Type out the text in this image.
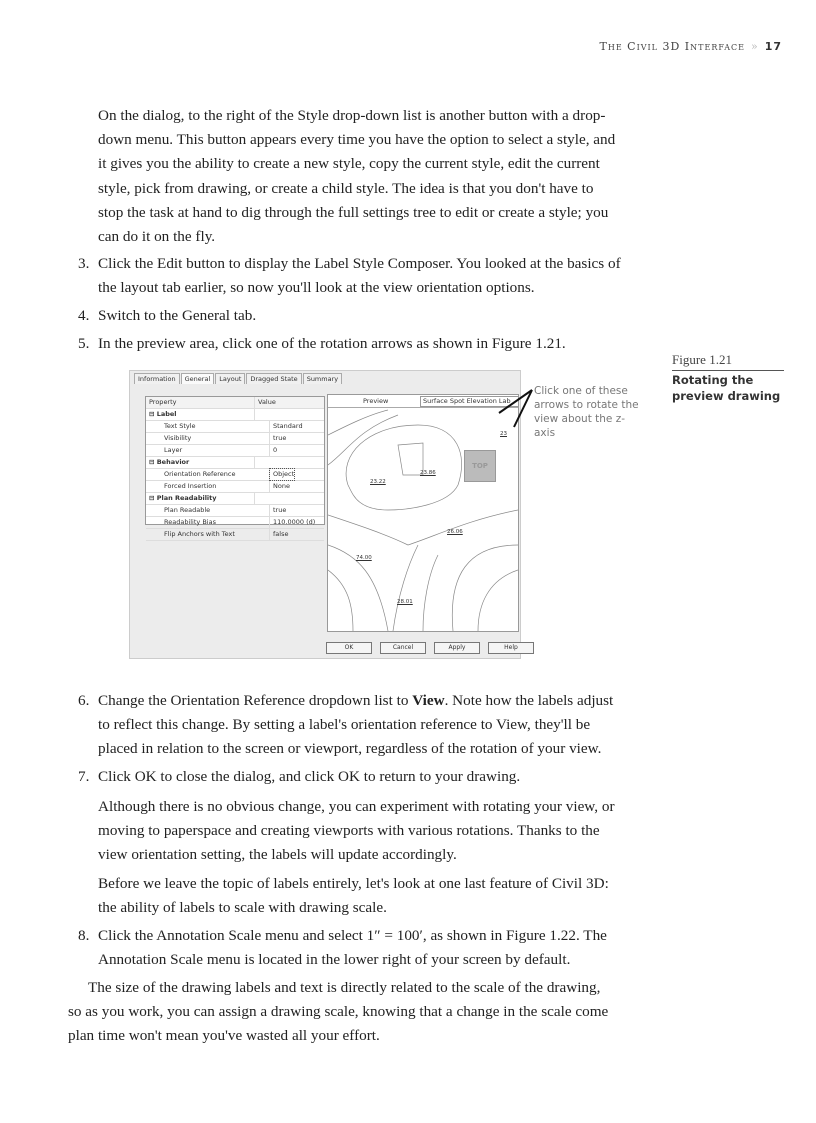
The Civil 3D Interface » 17
On the dialog, to the right of the Style drop-down list is another button with a drop-
down menu. This button appears every time you have the option to select a style, and
it gives you the ability to create a new style, copy the current style, edit the current
style, pick from drawing, or create a child style. The idea is that you don't have to
stop the task at hand to dig through the full settings tree to edit or create a style; you
can do it on the fly.
3. Click the Edit button to display the Label Style Composer. You looked at the basics of
the layout tab earlier, so now you'll look at the view orientation options.
4. Switch to the General tab.
5. In the preview area, click one of the rotation arrows as shown in Figure 1.21.
Figure 1.21
Rotating the preview drawing
Information	General	Layout	Dragged State	Summary
Property	Value
⊟ Label
Text Style	Standard
Visibility	true
Layer	0
⊟ Behavior
Orientation Reference	Object
Forced Insertion	None
⊟ Plan Readability
Plan Readable	true
Readability Bias	110.0000 (d)
Flip Anchors with Text	false
Preview	Surface Spot Elevation Lab
TOP
23.22
23.86
26.06
74.00
28.01
23
OK	Cancel	Apply	Help
Click one of these arrows to rotate the view about the z-axis
6. Change the Orientation Reference dropdown list to View. Note how the labels adjust
to reflect this change. By setting a label's orientation reference to View, they'll be
placed in relation to the screen or viewport, regardless of the rotation of your view.
7. Click OK to close the dialog, and click OK to return to your drawing.
Although there is no obvious change, you can experiment with rotating your view, or
moving to paperspace and creating viewports with various rotations. Thanks to the
view orientation setting, the labels will update accordingly.
Before we leave the topic of labels entirely, let's look at one last feature of Civil 3D:
the ability of labels to scale with drawing scale.
8. Click the Annotation Scale menu and select 1″ = 100′, as shown in Figure 1.22. The
Annotation Scale menu is located in the lower right of your screen by default.
The size of the drawing labels and text is directly related to the scale of the drawing,
so as you work, you can assign a drawing scale, knowing that a change in the scale come
plan time won't mean you've wasted all your effort.
